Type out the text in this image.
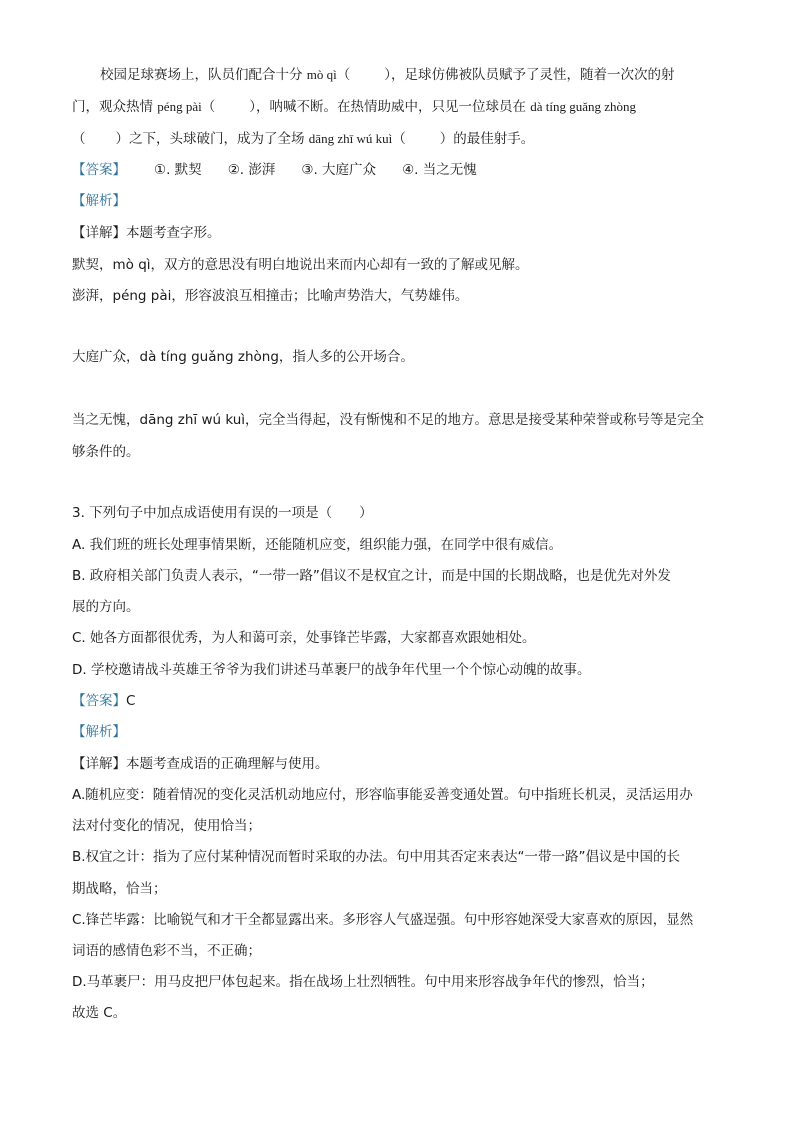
校园足球赛场上，队员们配合十分 mò qì（	），足球仿佛被队员赋予了灵性，随着一次次的射
门，观众热情 péng pài（	），呐喊不断。在热情助威中，只见一位球员在 dà tíng guǎng zhòng
（ ）之下，头球破门，成为了全场 dāng zhī wú kuì（	）的最佳射手。
【答案】 ①. 默契 ②. 澎湃 ③. 大庭广众 ④. 当之无愧
【解析】
【详解】本题考查字形。
默契，mò qì，双方的意思没有明白地说出来而内心却有一致的了解或见解。
澎湃，péng pài，形容波浪互相撞击；比喻声势浩大，气势雄伟。
大庭广众，dà tíng guǎng zhòng，指人多的公开场合。
当之无愧，dāng zhī wú kuì，完全当得起，没有惭愧和不足的地方。意思是接受某种荣誉或称号等是完全
够条件的。
3. 下列句子中加点成语使用有误的一项是（　　）
A. 我们班的班长处理事情果断，还能随机应变，组织能力强，在同学中很有威信。
B. 政府相关部门负责人表示，“一带一路”倡议不是权宜之计，而是中国的长期战略，也是优先对外发
展的方向。
C. 她各方面都很优秀，为人和蔼可亲，处事锋芒毕露，大家都喜欢跟她相处。
D. 学校邀请战斗英雄王爷爷为我们讲述马革裹尸的战争年代里一个个惊心动魄的故事。
【答案】C
【解析】
【详解】本题考查成语的正确理解与使用。
A.随机应变：随着情况的变化灵活机动地应付，形容临事能妥善变通处置。句中指班长机灵，灵活运用办
法对付变化的情况，使用恰当；
B.权宜之计：指为了应付某种情况而暂时采取的办法。句中用其否定来表达“一带一路”倡议是中国的长
期战略，恰当；
C.锋芒毕露：比喻锐气和才干全都显露出来。多形容人气盛逞强。句中形容她深受大家喜欢的原因，显然
词语的感情色彩不当，不正确；
D.马革裹尸：用马皮把尸体包起来。指在战场上壮烈牺牲。句中用来形容战争年代的惨烈，恰当；
故选 C。
